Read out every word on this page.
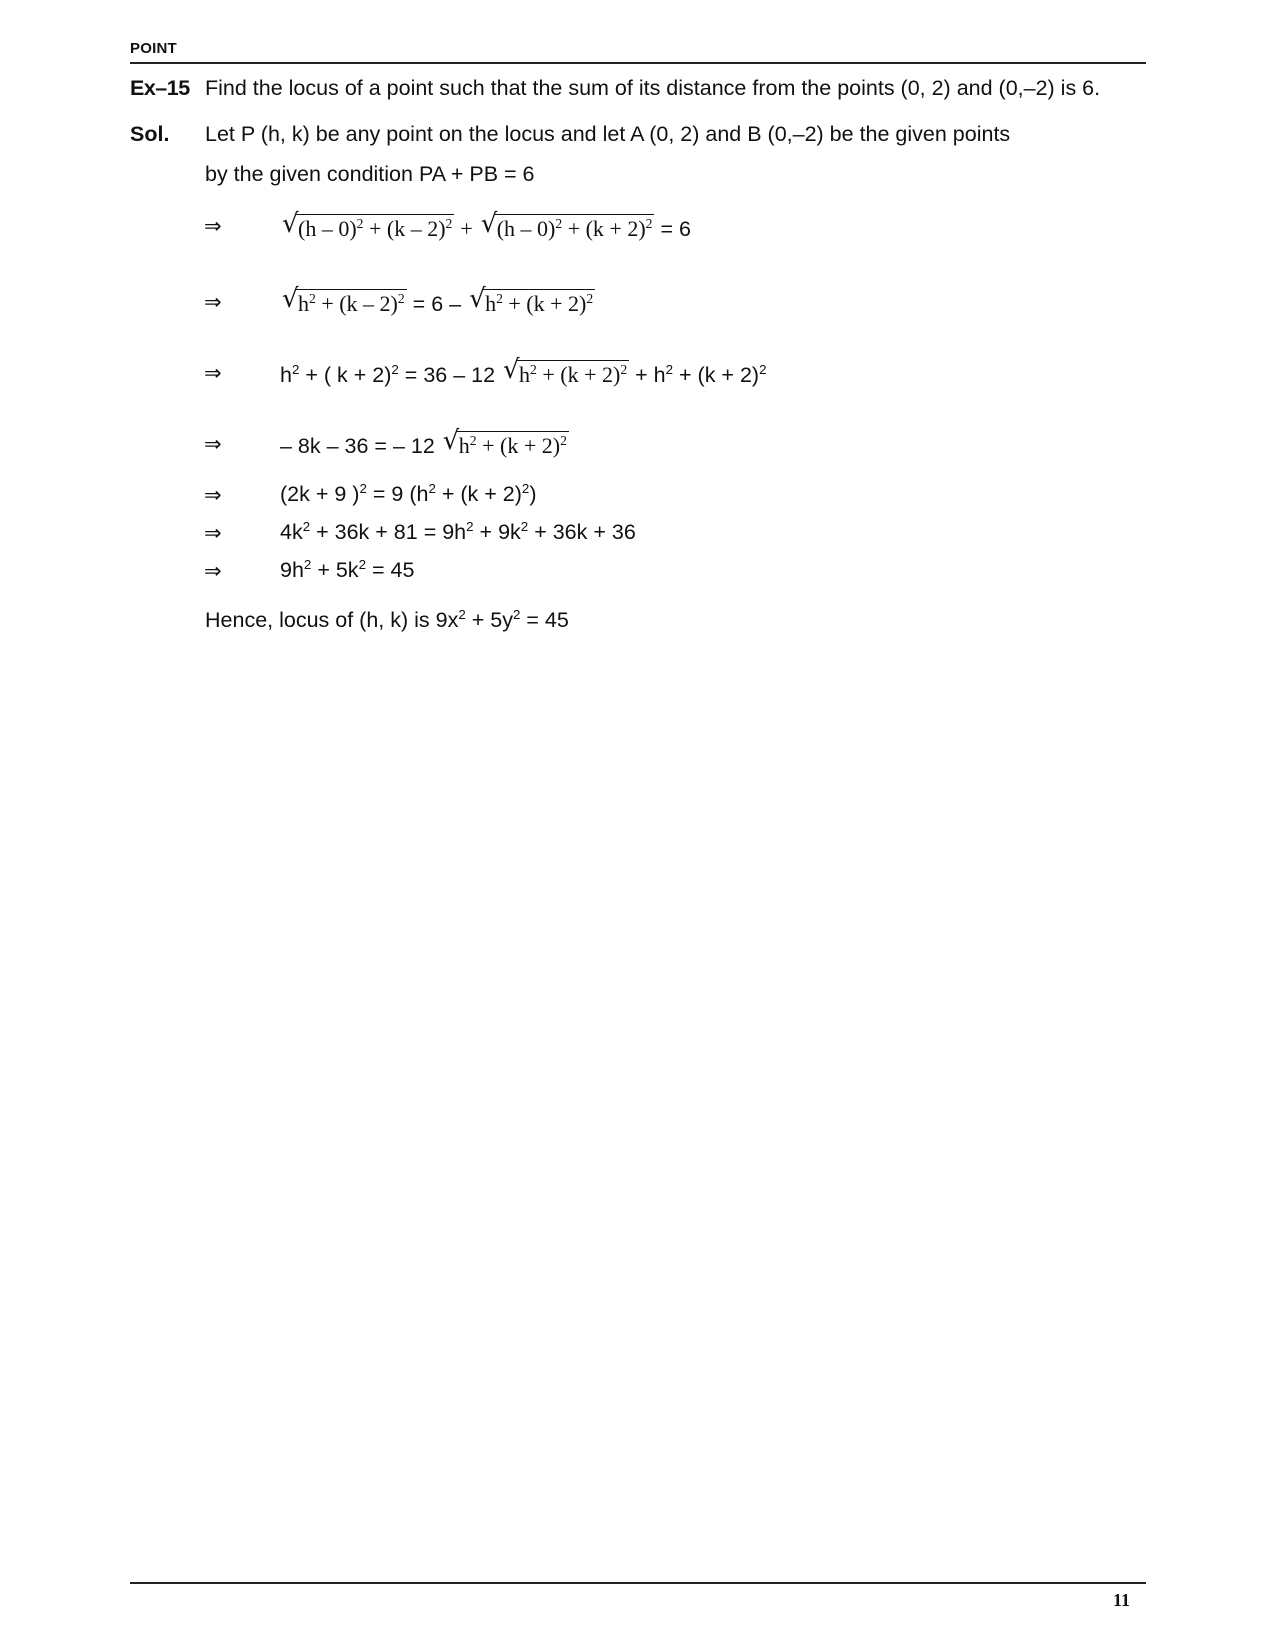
POINT
Ex–15 Find the locus of a point such that the sum of its distance from the points (0, 2) and (0,–2) is 6.
Sol. Let P (h, k) be any point on the locus and let A (0, 2) and B (0,–2) be the given points
by the given condition PA + PB = 6
⇒ √ (h – 0)$^2$ + (k – 2)$^2$ + √ $(h - 0)^2 + (k + 2)^2 = 6$
⇒ √ $h^2 + (k - 2)^2 = 6$ – √ $h^2 + (k + 2)^2$
⇒	$h^2$ + ( k + 2)$^2$ = 36 – 12 √ $h^2 + (k + 2)^2 + h^2 + (k + 2)^2$
⇒	– 8k – 36 = – 12 √ $h^2 + (k + 2)^2$
⇒	(2k + 9 )$^2$ = 9 $(h^2 + (k + 2)^2)$
⇒	$4k^2 + 36k + 81 = 9h^2 + 9k^2 + 36k + 36$
⇒	$9h^2 + 5k^2 = 45$
Hence, locus of (h, k) is $9x^2 + 5y^2 = 45$
11
